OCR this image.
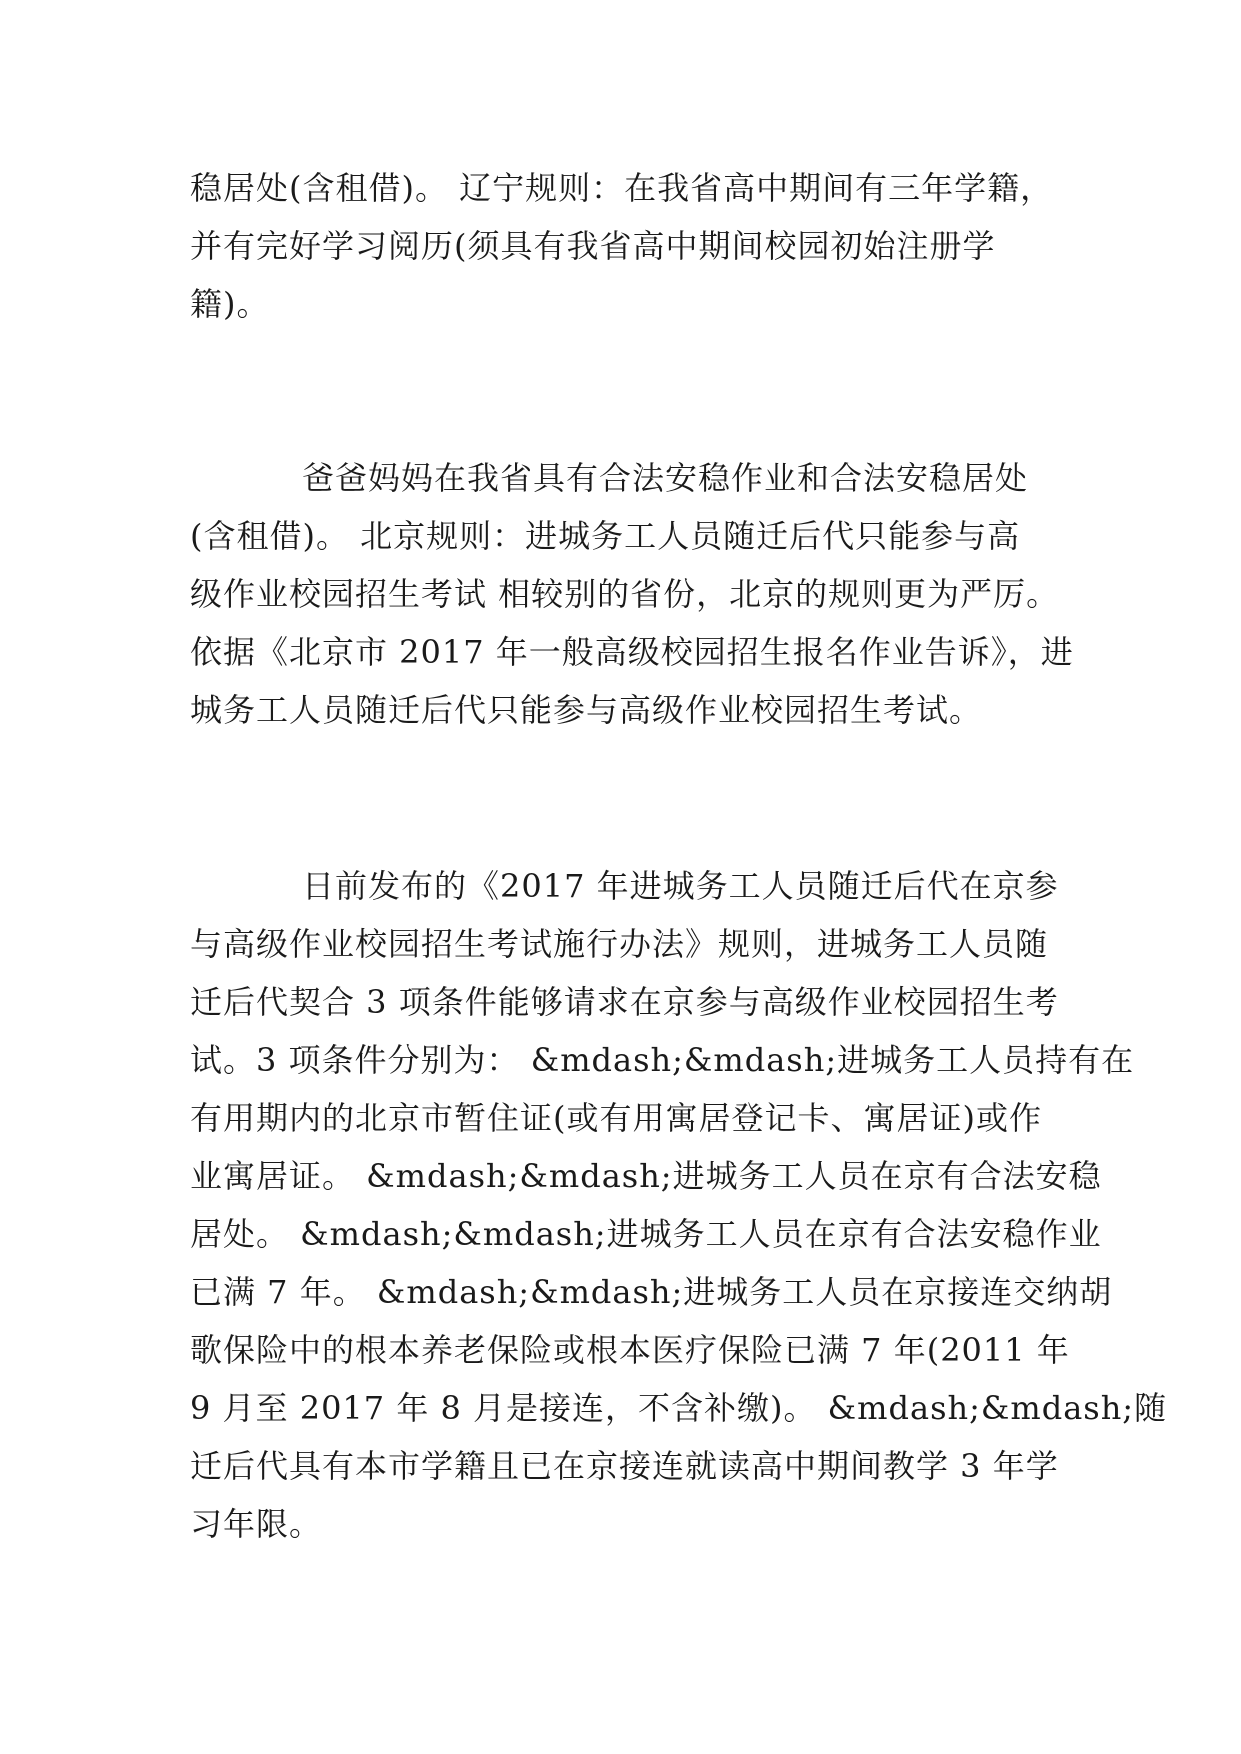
稳居处(含租借)。 辽宁规则：在我省高中期间有三年学籍，
并有完好学习阅历(须具有我省高中期间校园初始注册学
籍)。

爸爸妈妈在我省具有合法安稳作业和合法安稳居处
(含租借)。 北京规则：进城务工人员随迁后代只能参与高
级作业校园招生考试 相较别的省份，北京的规则更为严厉。
依据《北京市 2017 年一般高级校园招生报名作业告诉》，进
城务工人员随迁后代只能参与高级作业校园招生考试。

日前发布的《2017 年进城务工人员随迁后代在京参
与高级作业校园招生考试施行办法》规则，进城务工人员随
迁后代契合 3 项条件能够请求在京参与高级作业校园招生考
试。3 项条件分别为： &mdash;&mdash;进城务工人员持有在
有用期内的北京市暂住证(或有用寓居登记卡、寓居证)或作
业寓居证。 &mdash;&mdash;进城务工人员在京有合法安稳
居处。 &mdash;&mdash;进城务工人员在京有合法安稳作业
已满 7 年。 &mdash;&mdash;进城务工人员在京接连交纳胡
歌保险中的根本养老保险或根本医疗保险已满 7 年(2011 年
9 月至 2017 年 8 月是接连，不含补缴)。 &mdash;&mdash;随
迁后代具有本市学籍且已在京接连就读高中期间教学 3 年学
习年限。
